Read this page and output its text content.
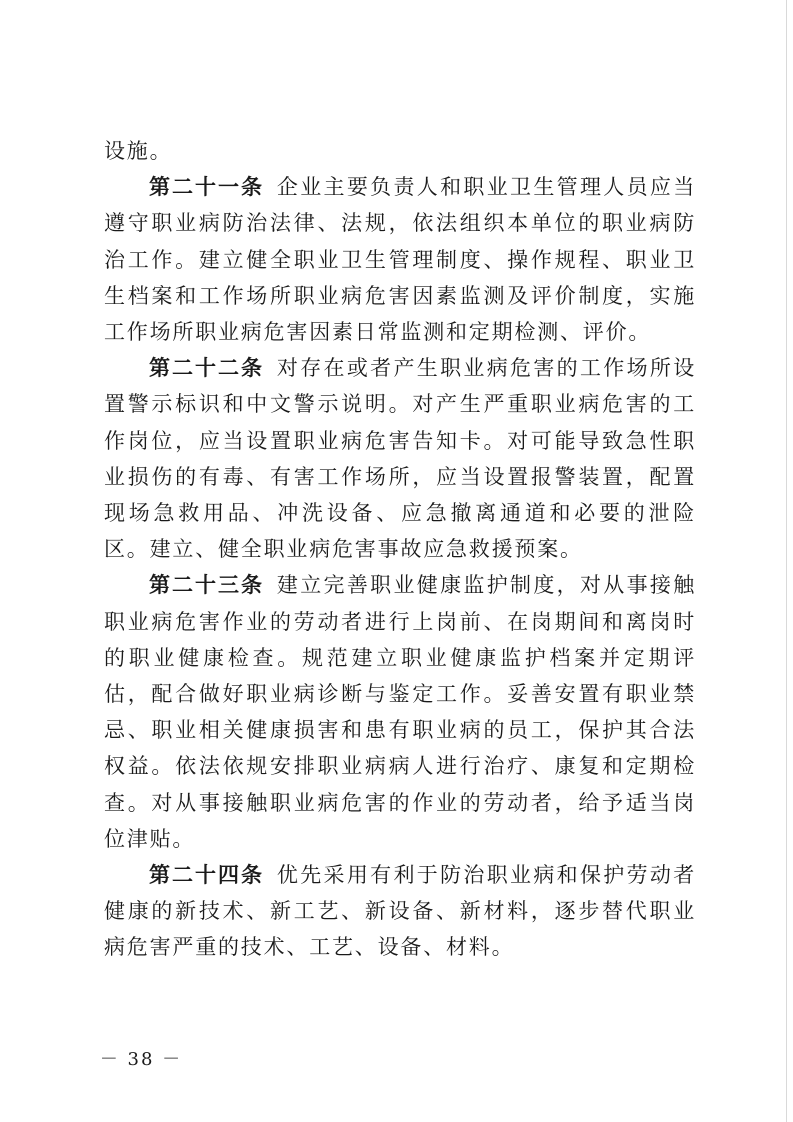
设施。

第二十一条  企业主要负责人和职业卫生管理人员应当遵守职业病防治法律、法规，依法组织本单位的职业病防治工作。建立健全职业卫生管理制度、操作规程、职业卫生档案和工作场所职业病危害因素监测及评价制度，实施工作场所职业病危害因素日常监测和定期检测、评价。

第二十二条  对存在或者产生职业病危害的工作场所设置警示标识和中文警示说明。对产生严重职业病危害的工作岗位，应当设置职业病危害告知卡。对可能导致急性职业损伤的有毒、有害工作场所，应当设置报警装置，配置现场急救用品、冲洗设备、应急撤离通道和必要的泄险区。建立、健全职业病危害事故应急救援预案。

第二十三条  建立完善职业健康监护制度，对从事接触职业病危害作业的劳动者进行上岗前、在岗期间和离岗时的职业健康检查。规范建立职业健康监护档案并定期评估，配合做好职业病诊断与鉴定工作。妥善安置有职业禁忌、职业相关健康损害和患有职业病的员工，保护其合法权益。依法依规安排职业病病人进行治疗、康复和定期检查。对从事接触职业病危害的作业的劳动者，给予适当岗位津贴。

第二十四条  优先采用有利于防治职业病和保护劳动者健康的新技术、新工艺、新设备、新材料，逐步替代职业病危害严重的技术、工艺、设备、材料。

－ 38 －
